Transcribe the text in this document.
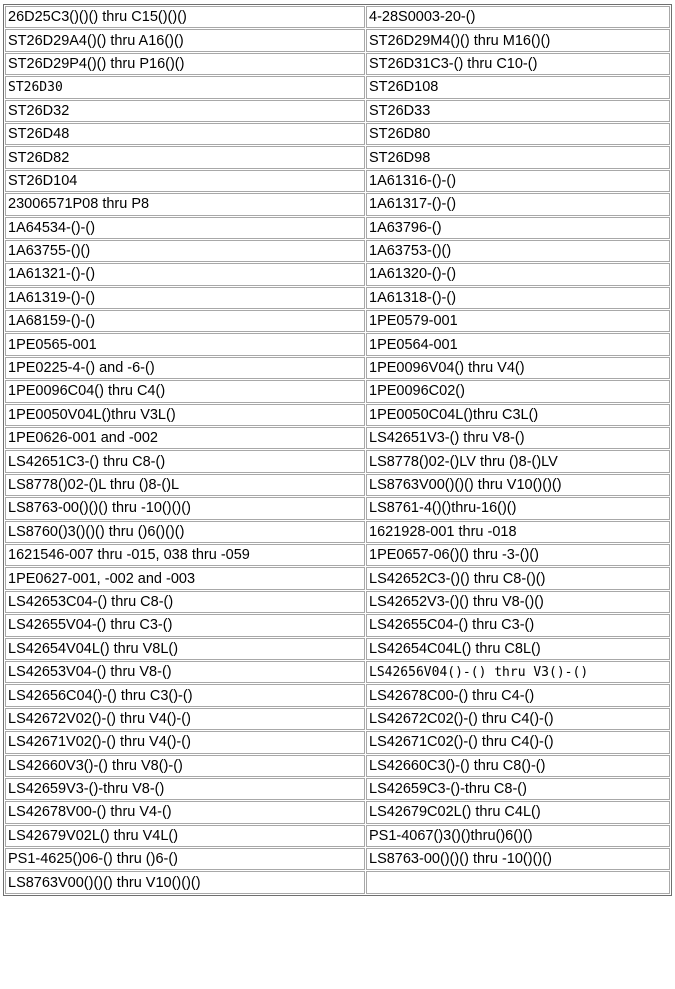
26D25C3()()() thru C15()()()	4-28S0003-20-()
ST26D29A4()() thru A16()()	ST26D29M4()() thru M16()()
ST26D29P4()() thru P16()()	ST26D31C3-() thru C10-()
ST26D30	ST26D108
ST26D32	ST26D33
ST26D48	ST26D80
ST26D82	ST26D98
ST26D104	1A61316-()-()
23006571P08 thru P8	1A61317-()-()
1A64534-()-()	1A63796-()
1A63755-()()	1A63753-()()
1A61321-()-()	1A61320-()-()
1A61319-()-()	1A61318-()-()
1A68159-()-()	1PE0579-001
1PE0565-001	1PE0564-001
1PE0225-4-() and -6-()	1PE0096V04() thru V4()
1PE0096C04() thru C4()	1PE0096C02()
1PE0050V04L()thru V3L()	1PE0050C04L()thru C3L()
1PE0626-001 and -002	LS42651V3-() thru V8-()
LS42651C3-() thru C8-()	LS8778()02-()LV thru ()8-()LV
LS8778()02-()L thru ()8-()L	LS8763V00()()() thru V10()()()
LS8763-00()()() thru -10()()()	LS8761-4()()thru-16()()
LS8760()3()()() thru ()6()()()	1621928-001 thru -018
1621546-007 thru -015, 038 thru -059	1PE0657-06()() thru -3-()()
1PE0627-001, -002 and -003	LS42652C3-()() thru C8-()()
LS42653C04-() thru C8-()	LS42652V3-()() thru V8-()()
LS42655V04-() thru C3-()	LS42655C04-() thru C3-()
LS42654V04L() thru V8L()	LS42654C04L() thru C8L()
LS42653V04-() thru V8-()	LS42656V04()-() thru V3()-()
LS42656C04()-() thru C3()-()	LS42678C00-() thru C4-()
LS42672V02()-() thru V4()-()	LS42672C02()-() thru C4()-()
LS42671V02()-() thru V4()-()	LS42671C02()-() thru C4()-()
LS42660V3()-() thru V8()-()	LS42660C3()-() thru C8()-()
LS42659V3-()-thru V8-()	LS42659C3-()-thru C8-()
LS42678V00-() thru V4-()	LS42679C02L() thru C4L()
LS42679V02L() thru V4L()	PS1-4067()3()()thru()6()()
PS1-4625()06-() thru ()6-()	LS8763-00()()() thru -10()()()
LS8763V00()()() thru V10()()()	
